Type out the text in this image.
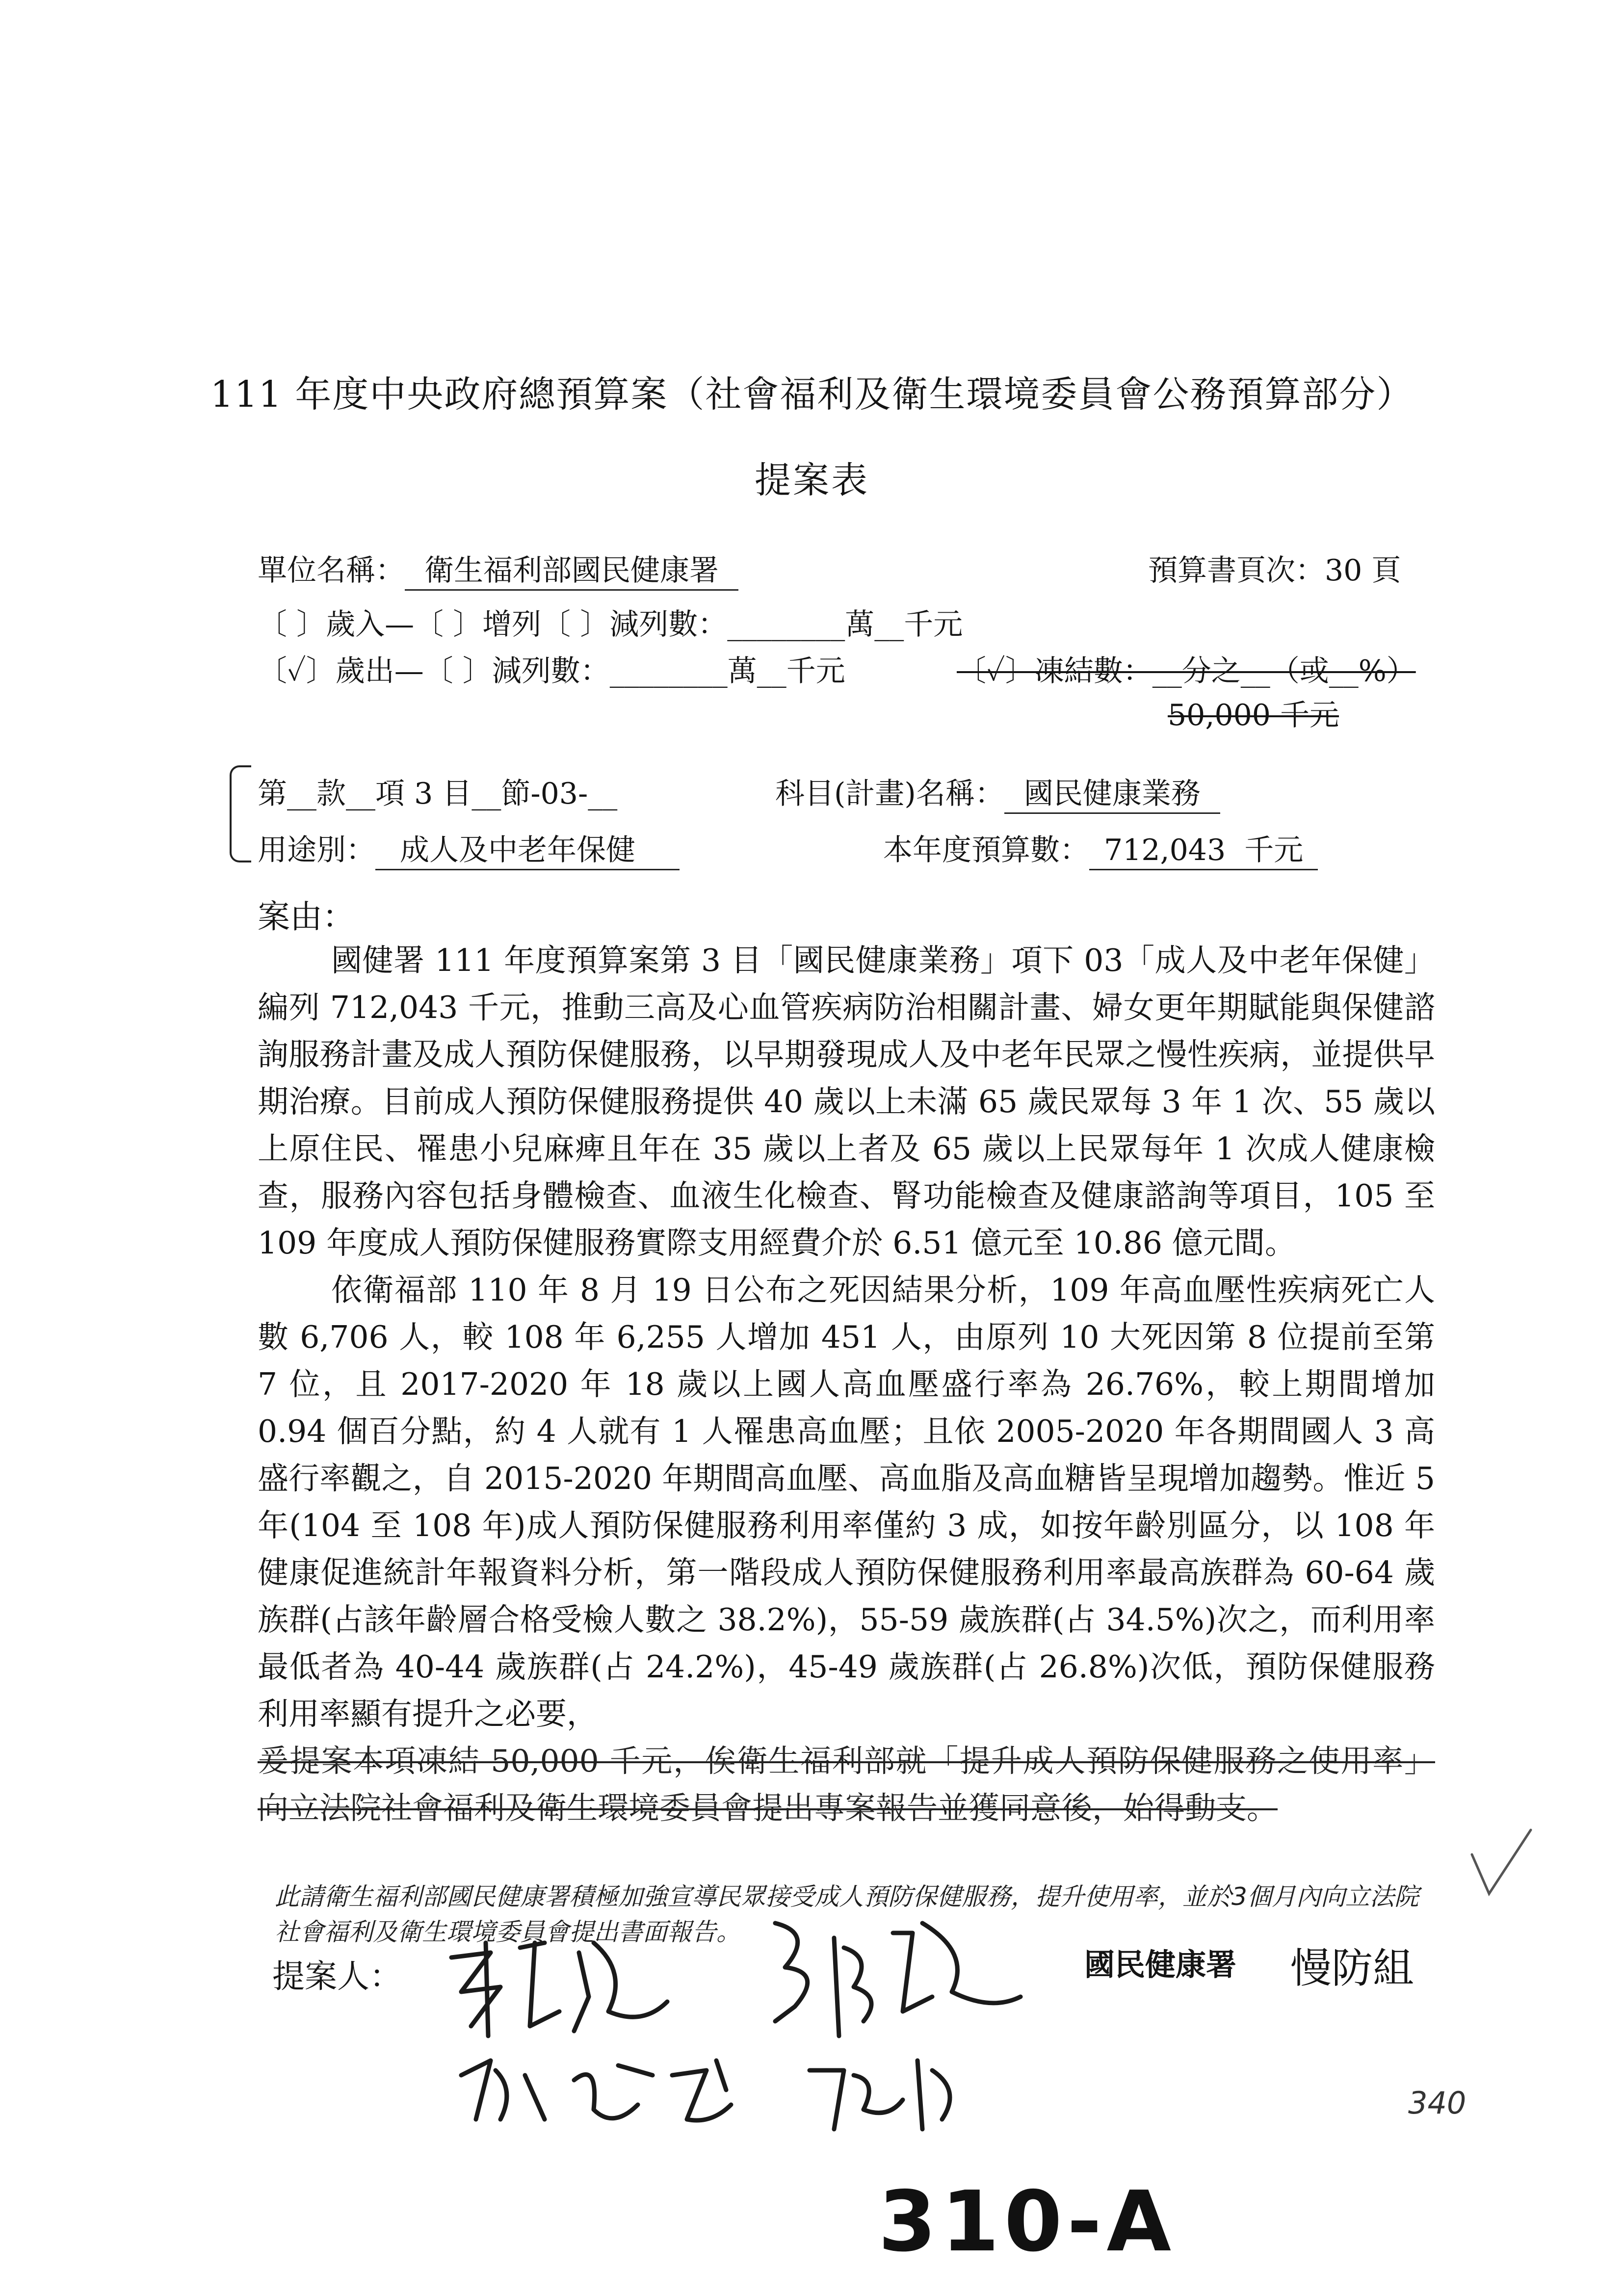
111 年度中央政府總預算案（社會福利及衛生環境委員會公務預算部分）
提案表
單位名稱： 衛生福利部國民健康署	預算書頁次：30 頁
〔 〕歲入—〔 〕增列〔 〕減列數：________萬__千元
〔✓〕歲出—〔 〕減列數：________萬__千元	〔✓〕凍結數：__分之__（或__%）
50,000 千元
第__款__項 3 目__節-03-__	科目(計畫)名稱： 國民健康業務
用途別： 成人及中老年保健	本年度預算數： 712,043 千元
案由：

國健署 111 年度預算案第 3 目「國民健康業務」項下 03「成人及中老年保健」編列 712,043 千元，推動三高及心血管疾病防治相關計畫、婦女更年期賦能與保健諮詢服務計畫及成人預防保健服務，以早期發現成人及中老年民眾之慢性疾病，並提供早期治療。目前成人預防保健服務提供 40 歲以上未滿 65 歲民眾每 3 年 1 次、55 歲以上原住民、罹患小兒麻痺且年在 35 歲以上者及 65 歲以上民眾每年 1 次成人健康檢查，服務內容包括身體檢查、血液生化檢查、腎功能檢查及健康諮詢等項目，105 至 109 年度成人預防保健服務實際支用經費介於 6.51 億元至 10.86 億元間。

依衛福部 110 年 8 月 19 日公布之死因結果分析，109 年高血壓性疾病死亡人數 6,706 人，較 108 年 6,255 人增加 451 人，由原列 10 大死因第 8 位提前至第 7 位，且 2017-2020 年 18 歲以上國人高血壓盛行率為 26.76%，較上期間增加 0.94 個百分點，約 4 人就有 1 人罹患高血壓；且依 2005-2020 年各期間國人 3 高盛行率觀之，自 2015-2020 年期間高血壓、高血脂及高血糖皆呈現增加趨勢。惟近 5 年(104 至 108 年)成人預防保健服務利用率僅約 3 成，如按年齡別區分，以 108 年健康促進統計年報資料分析，第一階段成人預防保健服務利用率最高族群為 60-64 歲族群(占該年齡層合格受檢人數之 38.2%)，55-59 歲族群(占 34.5%)次之，而利用率最低者為 40-44 歲族群(占 24.2%)，45-49 歲族群(占 26.8%)次低，預防保健服務利用率顯有提升之必要，

爰提案本項凍結 50,000 千元，俟衛生福利部就「提升成人預防保健服務之使用率」向立法院社會福利及衛生環境委員會提出專案報告並獲同意後，始得動支。

此請衛生福利部國民健康署積極加強宣導民眾接受成人預防保健服務，提升使用率，並於3個月內向立法院社會福利及衛生環境委員會提出書面報告。
提案人：	國民健康署 慢防組
340
310-A
